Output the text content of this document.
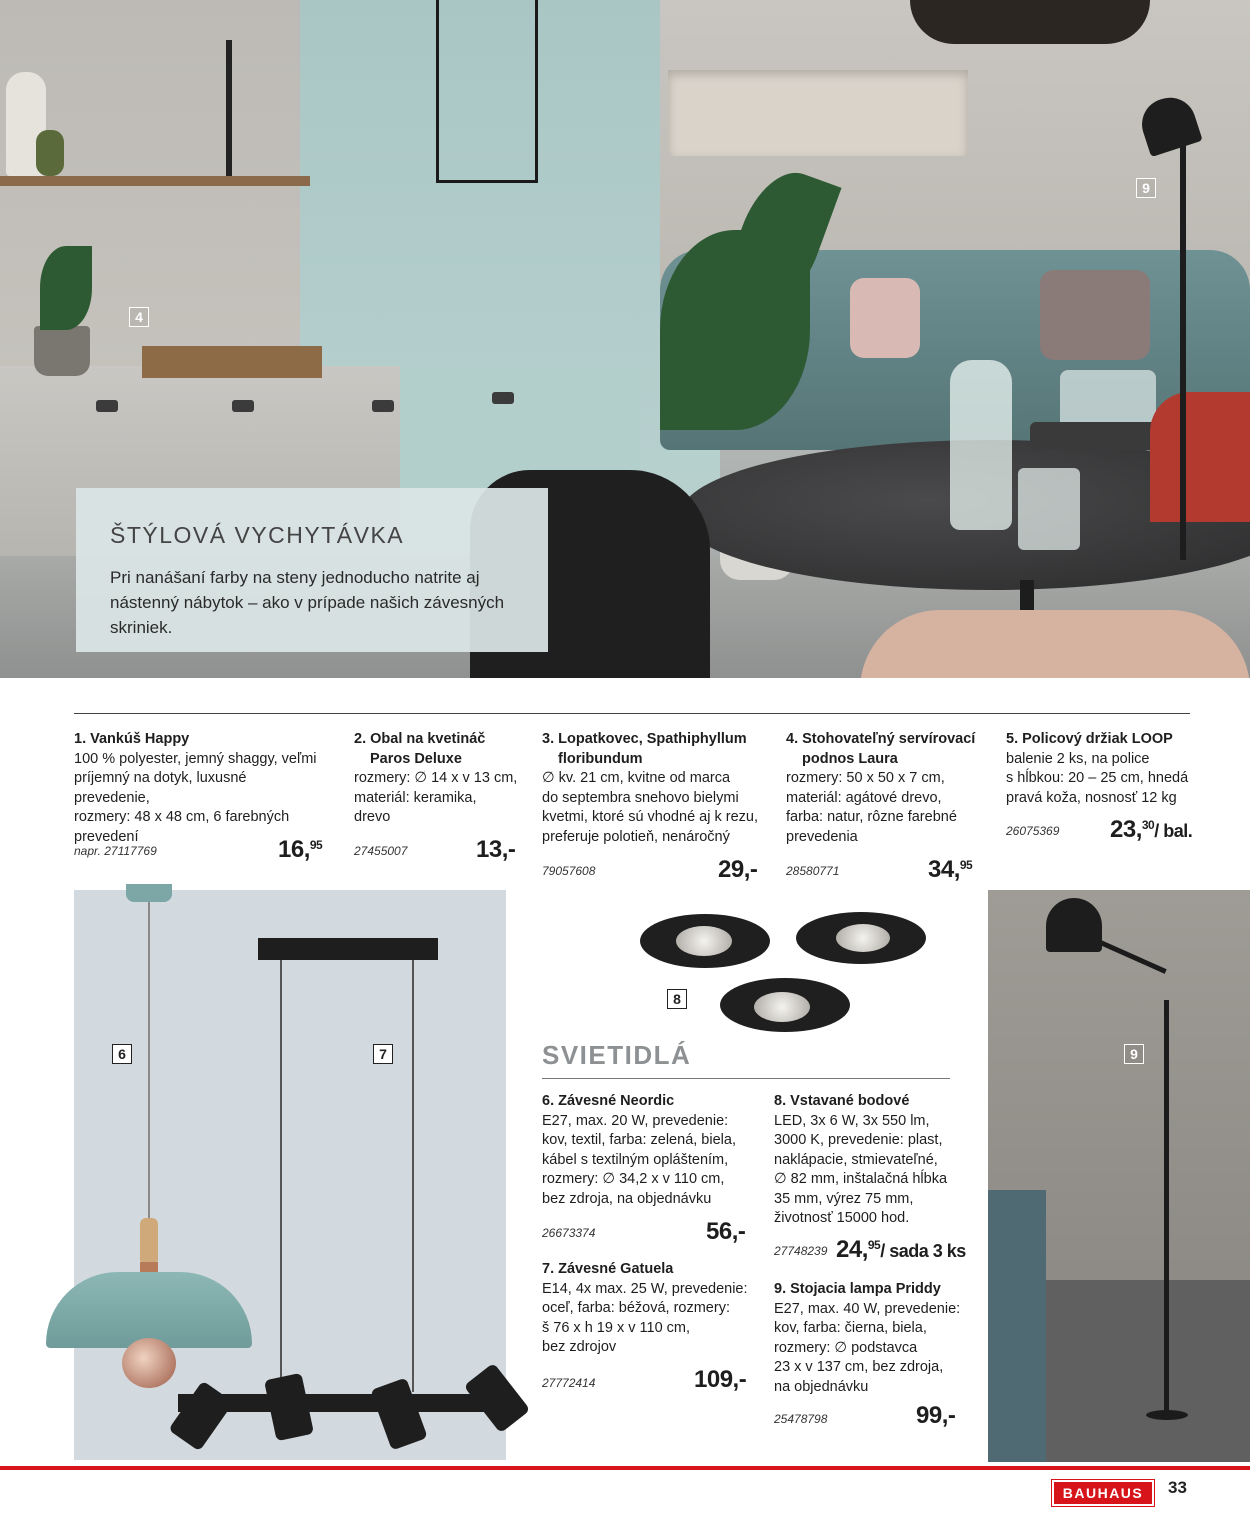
4
9
ŠTÝLOVÁ VYCHYTÁVKA

Pri nanášaní farby na steny jednoducho natrite aj nástenný nábytok – ako v prípade našich závesných skriniek.

1. Vankúš Happy
100 % polyester, jemný shaggy, veľmi
príjemný na dotyk, luxusné prevedenie,
rozmery: 48 x 48 cm, 6 farebných
prevedení
napr. 27117769	16,95
2. Obal na kvetináč
Paros Deluxe
rozmery: ∅ 14 x v 13 cm,
materiál: keramika,
drevo
27455007	13,-
3. Lopatkovec, Spathiphyllum
floribundum
∅ kv. 21 cm, kvitne od marca
do septembra snehovo bielymi
kvetmi, ktoré sú vhodné aj k rezu,
preferuje polotieň, nenáročný
79057608	29,-
4. Stohovateľný servírovací
podnos Laura
rozmery: 50 x 50 x 7 cm,
materiál: agátové drevo,
farba: natur, rôzne farebné
prevedenia
28580771	34,95
5. Policový držiak LOOP
balenie 2 ks, na police
s hĺbkou: 20 – 25 cm, hnedá
pravá koža, nosnosť 12 kg
26075369 23,30/ bal.
6	7
8
9
SVIETIDLÁ
6. Závesné Neordic
E27, max. 20 W, prevedenie:
kov, textil, farba: zelená, biela,
kábel s textilným opláštením,
rozmery: ∅ 34,2 x v 110 cm,
bez zdroja, na objednávku
26673374	56,-
7. Závesné Gatuela
E14, 4x max. 25 W, prevedenie:
oceľ, farba: béžová, rozmery:
š 76 x h 19 x v 110 cm,
bez zdrojov
27772414	109,-
8. Vstavané bodové
LED, 3x 6 W, 3x 550 lm,
3000 K, prevedenie: plast,
naklápacie, stmievateľné,
∅ 82 mm, inštalačná hĺbka
35 mm, výrez 75 mm,
životnosť 15000 hod.
27748239 24,95/ sada 3 ks
9. Stojacia lampa Priddy
E27, max. 40 W, prevedenie:
kov, farba: čierna, biela,
rozmery: ∅ podstavca
23 x v 137 cm, bez zdroja,
na objednávku
25478798	99,-
BAUHAUS	33
